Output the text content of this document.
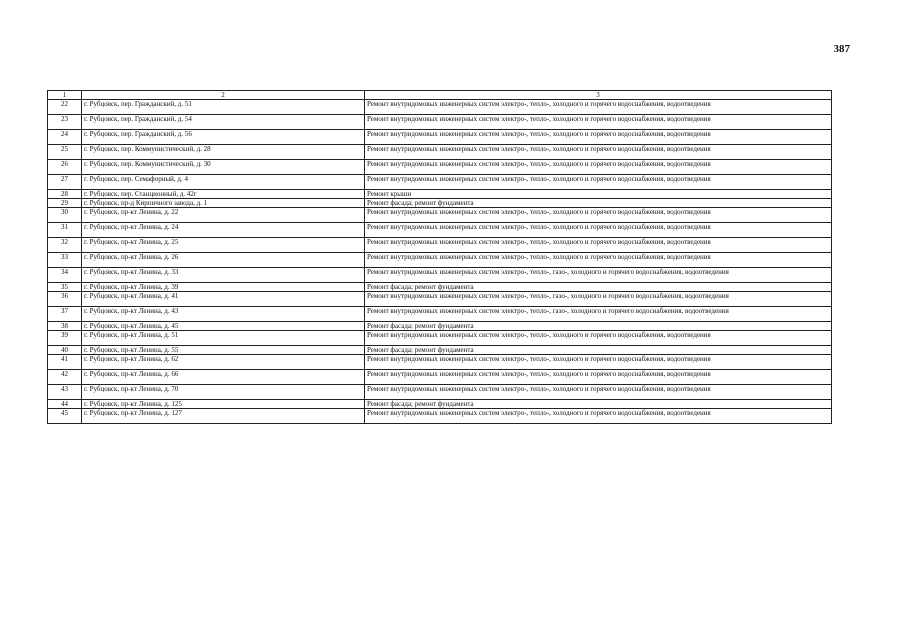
387
1	2	3
22	г. Рубцовск, пер. Гражданский, д. 51	Ремонт внутридомовых инженерных систем электро-, тепло-, холодного и горячего водоснабжения, водоотведения
23	г. Рубцовск, пер. Гражданский, д. 54	Ремонт внутридомовых инженерных систем электро-, тепло-, холодного и горячего водоснабжения, водоотведения
24	г. Рубцовск, пер. Гражданский, д. 56	Ремонт внутридомовых инженерных систем электро-, тепло-, холодного и горячего водоснабжения, водоотведения
25	г. Рубцовск, пер. Коммунистический, д. 28	Ремонт внутридомовых инженерных систем электро-, тепло-, холодного и горячего водоснабжения, водоотведения
26	г. Рубцовск, пер. Коммунистический, д. 30	Ремонт внутридомовых инженерных систем электро-, тепло-, холодного и горячего водоснабжения, водоотведения
27	г. Рубцовск, пер. Семафорный, д. 4	Ремонт внутридомовых инженерных систем электро-, тепло-, холодного и горячего водоснабжения, водоотведения
28	г. Рубцовск, пер. Станционный, д. 42г	Ремонт крыши
29	г. Рубцовск, пр-д Кирпичного завода, д. 1	Ремонт фасада; ремонт фундамента
30	г. Рубцовск, пр-кт Ленина, д. 22	Ремонт внутридомовых инженерных систем электро-, тепло-, холодного и горячего водоснабжения, водоотведения
31	г. Рубцовск, пр-кт Ленина, д. 24	Ремонт внутридомовых инженерных систем электро-, тепло-, холодного и горячего водоснабжения, водоотведения
32	г. Рубцовск, пр-кт Ленина, д. 25	Ремонт внутридомовых инженерных систем электро-, тепло-, холодного и горячего водоснабжения, водоотведения
33	г. Рубцовск, пр-кт Ленина, д. 26	Ремонт внутридомовых инженерных систем электро-, тепло-, холодного и горячего водоснабжения, водоотведения
34	г. Рубцовск, пр-кт Ленина, д. 33	Ремонт внутридомовых инженерных систем электро-, тепло-, газо-, холодного и горячего водоснабжения, водоотведения
35	г. Рубцовск, пр-кт Ленина, д. 39	Ремонт фасада; ремонт фундамента
36	г. Рубцовск, пр-кт Ленина, д. 41	Ремонт внутридомовых инженерных систем электро-, тепло-, газо-, холодного и горячего водоснабжения, водоотведения
37	г. Рубцовск, пр-кт Ленина, д. 43	Ремонт внутридомовых инженерных систем электро-, тепло-, газо-, холодного и горячего водоснабжения, водоотведения
38	г. Рубцовск, пр-кт Ленина, д. 45	Ремонт фасада; ремонт фундамента
39	г. Рубцовск, пр-кт Ленина, д. 51	Ремонт внутридомовых инженерных систем электро-, тепло-, холодного и горячего водоснабжения, водоотведения
40	г. Рубцовск, пр-кт Ленина, д. 55	Ремонт фасада; ремонт фундамента
41	г. Рубцовск, пр-кт Ленина, д. 62	Ремонт внутридомовых инженерных систем электро-, тепло-, холодного и горячего водоснабжения, водоотведения
42	г. Рубцовск, пр-кт Ленина, д. 66	Ремонт внутридомовых инженерных систем электро-, тепло-, холодного и горячего водоснабжения, водоотведения
43	г. Рубцовск, пр-кт Ленина, д. 70	Ремонт внутридомовых инженерных систем электро-, тепло-, холодного и горячего водоснабжения, водоотведения
44	г. Рубцовск, пр-кт Ленина, д. 125	Ремонт фасада; ремонт фундамента
45	г. Рубцовск, пр-кт Ленина, д. 127	Ремонт внутридомовых инженерных систем электро-, тепло-, холодного и горячего водоснабжения, водоотведения
